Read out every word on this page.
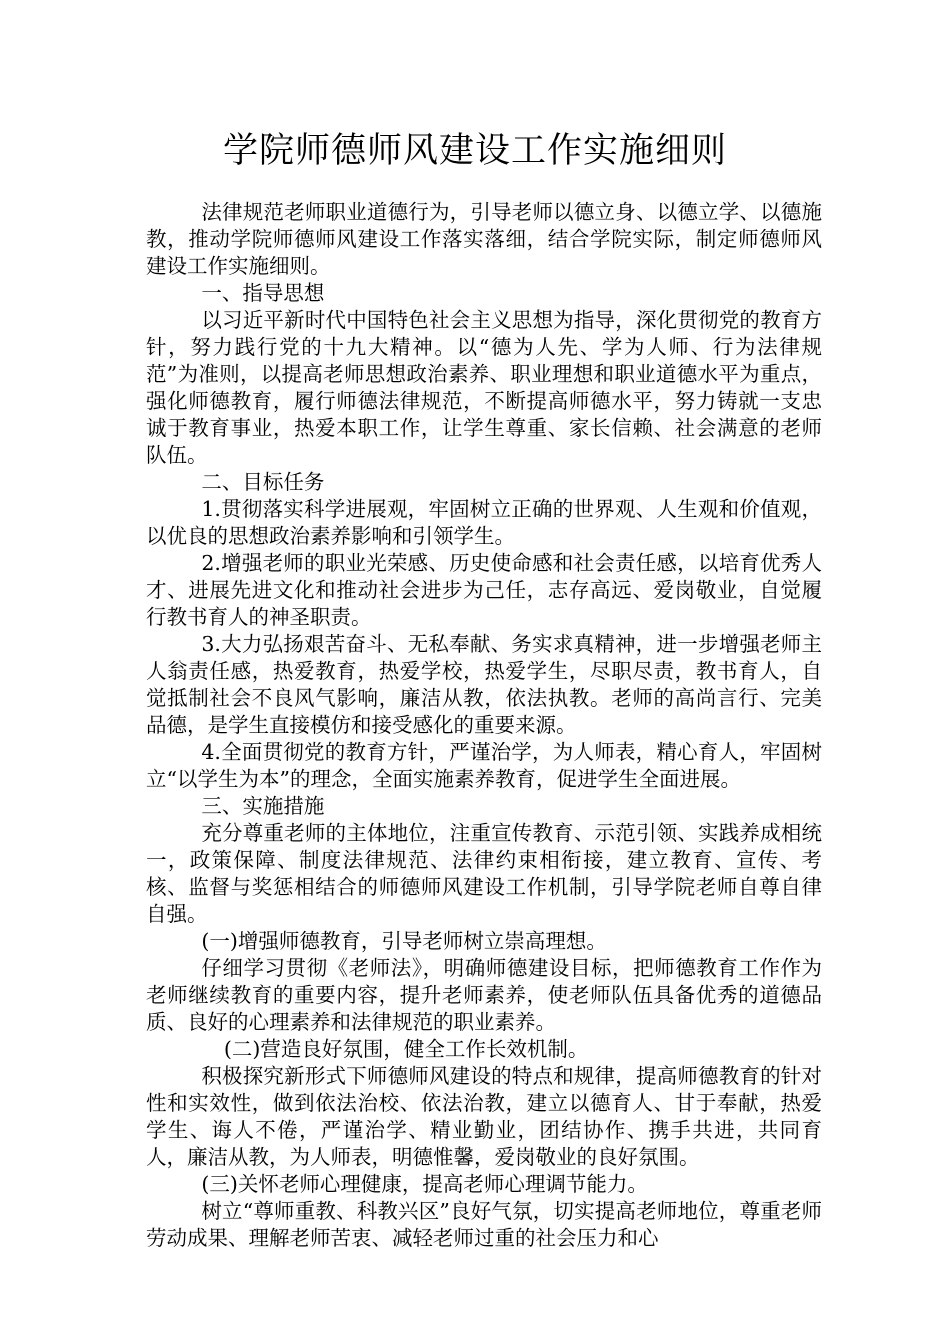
学院师德师风建设工作实施细则

法律规范老师职业道德行为，引导老师以德立身、以德立学、以德施教，推动学院师德师风建设工作落实落细，结合学院实际，制定师德师风建设工作实施细则。

一、指导思想

以习近平新时代中国特色社会主义思想为指导，深化贯彻党的教育方针，努力践行党的十九大精神。以“德为人先、学为人师、行为法律规范”为准则，以提高老师思想政治素养、职业理想和职业道德水平为重点，强化师德教育，履行师德法律规范，不断提高师德水平，努力铸就一支忠诚于教育事业，热爱本职工作，让学生尊重、家长信赖、社会满意的老师队伍。

二、目标任务

1.贯彻落实科学进展观，牢固树立正确的世界观、人生观和价值观，以优良的思想政治素养影响和引领学生。

2.增强老师的职业光荣感、历史使命感和社会责任感，以培育优秀人才、进展先进文化和推动社会进步为己任，志存高远、爱岗敬业，自觉履行教书育人的神圣职责。

3.大力弘扬艰苦奋斗、无私奉献、务实求真精神，进一步增强老师主人翁责任感，热爱教育，热爱学校，热爱学生，尽职尽责，教书育人，自觉抵制社会不良风气影响，廉洁从教，依法执教。老师的高尚言行、完美品德，是学生直接模仿和接受感化的重要来源。

4.全面贯彻党的教育方针，严谨治学，为人师表，精心育人，牢固树立“以学生为本”的理念，全面实施素养教育，促进学生全面进展。

三、实施措施

充分尊重老师的主体地位，注重宣传教育、示范引领、实践养成相统一，政策保障、制度法律规范、法律约束相衔接，建立教育、宣传、考核、监督与奖惩相结合的师德师风建设工作机制，引导学院老师自尊自律自强。

(一)增强师德教育，引导老师树立崇高理想。

仔细学习贯彻《老师法》，明确师德建设目标，把师德教育工作作为老师继续教育的重要内容，提升老师素养，使老师队伍具备优秀的道德品质、良好的心理素养和法律规范的职业素养。

(二)营造良好氛围，健全工作长效机制。

积极探究新形式下师德师风建设的特点和规律，提高师德教育的针对性和实效性，做到依法治校、依法治教，建立以德育人、甘于奉献，热爱学生、诲人不倦，严谨治学、精业勤业，团结协作、携手共进，共同育人，廉洁从教，为人师表，明德惟馨，爱岗敬业的良好氛围。

(三)关怀老师心理健康，提高老师心理调节能力。

树立“尊师重教、科教兴区”良好气氛，切实提高老师地位，尊重老师劳动成果、理解老师苦衷、减轻老师过重的社会压力和心
